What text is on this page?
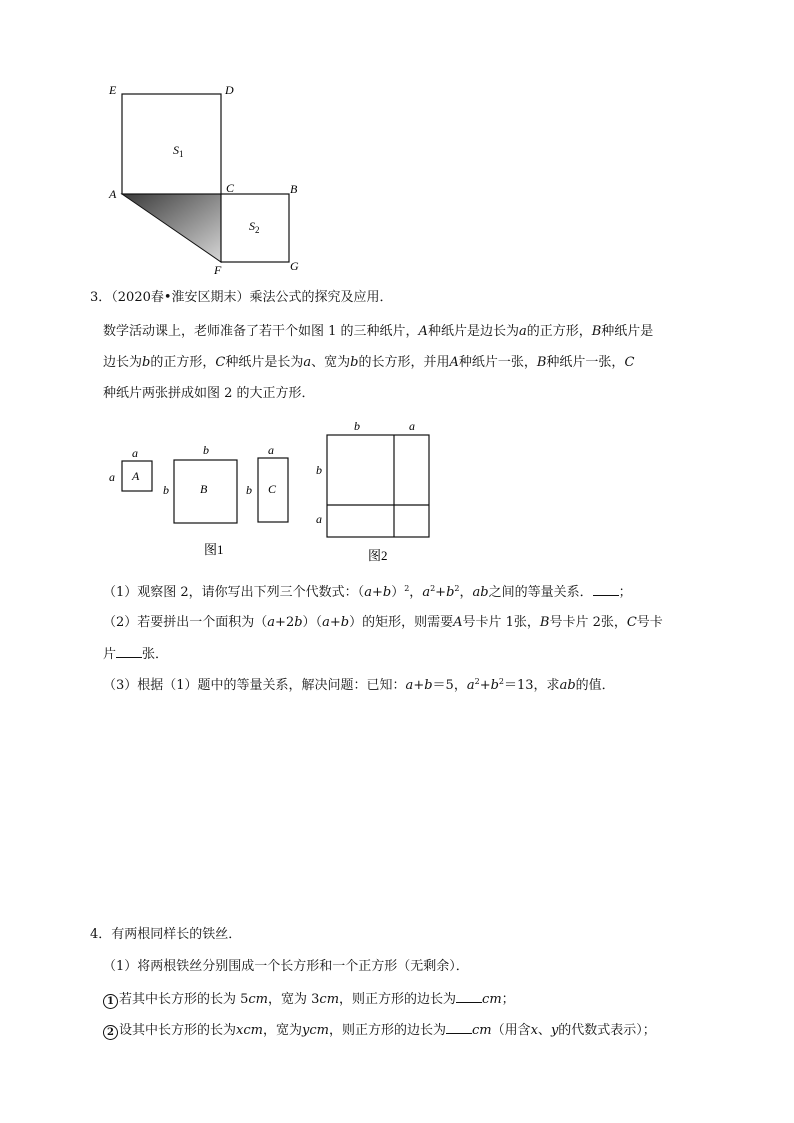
E	D
A	C	B
F	G
$S_1$
$S_2$
3．（2020春•淮安区期末）乘法公式的探究及应用．
数学活动课上，老师准备了若干个如图 1 的三种纸片，A种纸片是边长为a的正方形，B种纸片是
边长为b的正方形，C种纸片是长为a、宽为b的长方形，并用A种纸片一张，B种纸片一张，C
种纸片两张拼成如图 2 的大正方形．
a
a A
b
b	B
a
b C
图1
b	a
b
a
图2
（1）观察图 2，请你写出下列三个代数式：$(a+b)^2$，$a^2+b^2$，ab之间的等量关系． ；
（2）若要拼出一个面积为（a+2b）（a+b）的矩形，则需要A号卡片 1张，B号卡片 2张，C号卡
片 张．
（3）根据（1）题中的等量关系，解决问题：已知：a+b＝5，$a^2+b^2=13$，求ab的值．
4．有两根同样长的铁丝．
（1）将两根铁丝分别围成一个长方形和一个正方形（无剩余）．
1 若其中长方形的长为 5cm，宽为 3cm，则正方形的边长为 cm；
2 设其中长方形的长为xcm，宽为ycm，则正方形的边长为 cm（用含x、y的代数式表示）；
